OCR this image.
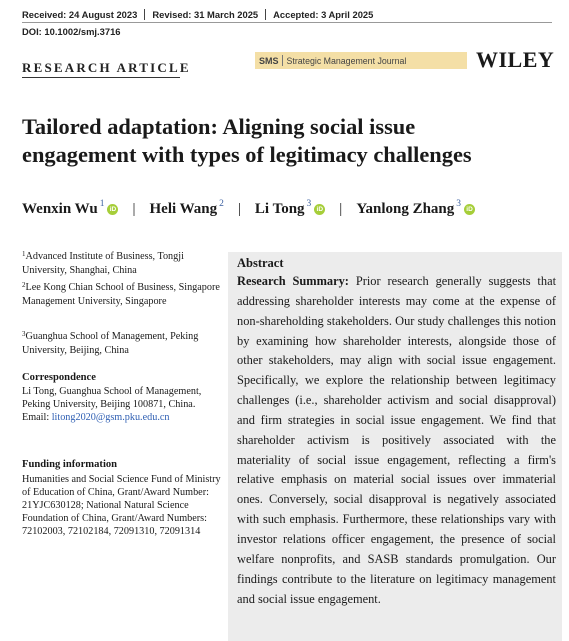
Received: 24 August 2023 Revised: 31 March 2025 Accepted: 3 April 2025
DOI: 10.1002/smj.3716
RESEARCH ARTICLE	SMS Strategic Management Journal	WILEY
Tailored adaptation: Aligning social issue
engagement with types of legitimacy challenges
Wenxin Wu$^1$ iD | Heli Wang$^2$ | Li Tong$^3$ iD | Yanlong Zhang$^3$ iD
$^1$Advanced Institute of Business, Tongji University, Shanghai, China
$^2$Lee Kong Chian School of Business, Singapore Management University, Singapore
$^3$Guanghua School of Management, Peking University, Beijing, China
Correspondence
Li Tong, Guanghua School of Management, Peking University, Beijing 100871, China.
Email: litong2020@gsm.pku.edu.cn
Funding information
Humanities and Social Science Fund of Ministry of Education of China, Grant/Award Number: 21YJC630128; National Natural Science Foundation of China, Grant/Award Numbers: 72102003, 72102184, 72091310, 72091314
Abstract
Research Summary: Prior research generally suggests that addressing shareholder interests may come at the expense of non-shareholding stakeholders. Our study challenges this notion by examining how shareholder interests, alongside those of other stakeholders, may align with social issue engagement. Specifically, we explore the relationship between legitimacy challenges (i.e., shareholder activism and social disapproval) and firm strategies in social issue engagement. We find that shareholder activism is positively associated with the materiality of social issue engagement, reflecting a firm's relative emphasis on material social issues over immaterial ones. Conversely, social disapproval is negatively associated with such emphasis. Furthermore, these relationships vary with investor relations officer engagement, the presence of social welfare nonprofits, and SASB standards promulgation. Our findings contribute to the literature on legitimacy management and social issue engagement.
